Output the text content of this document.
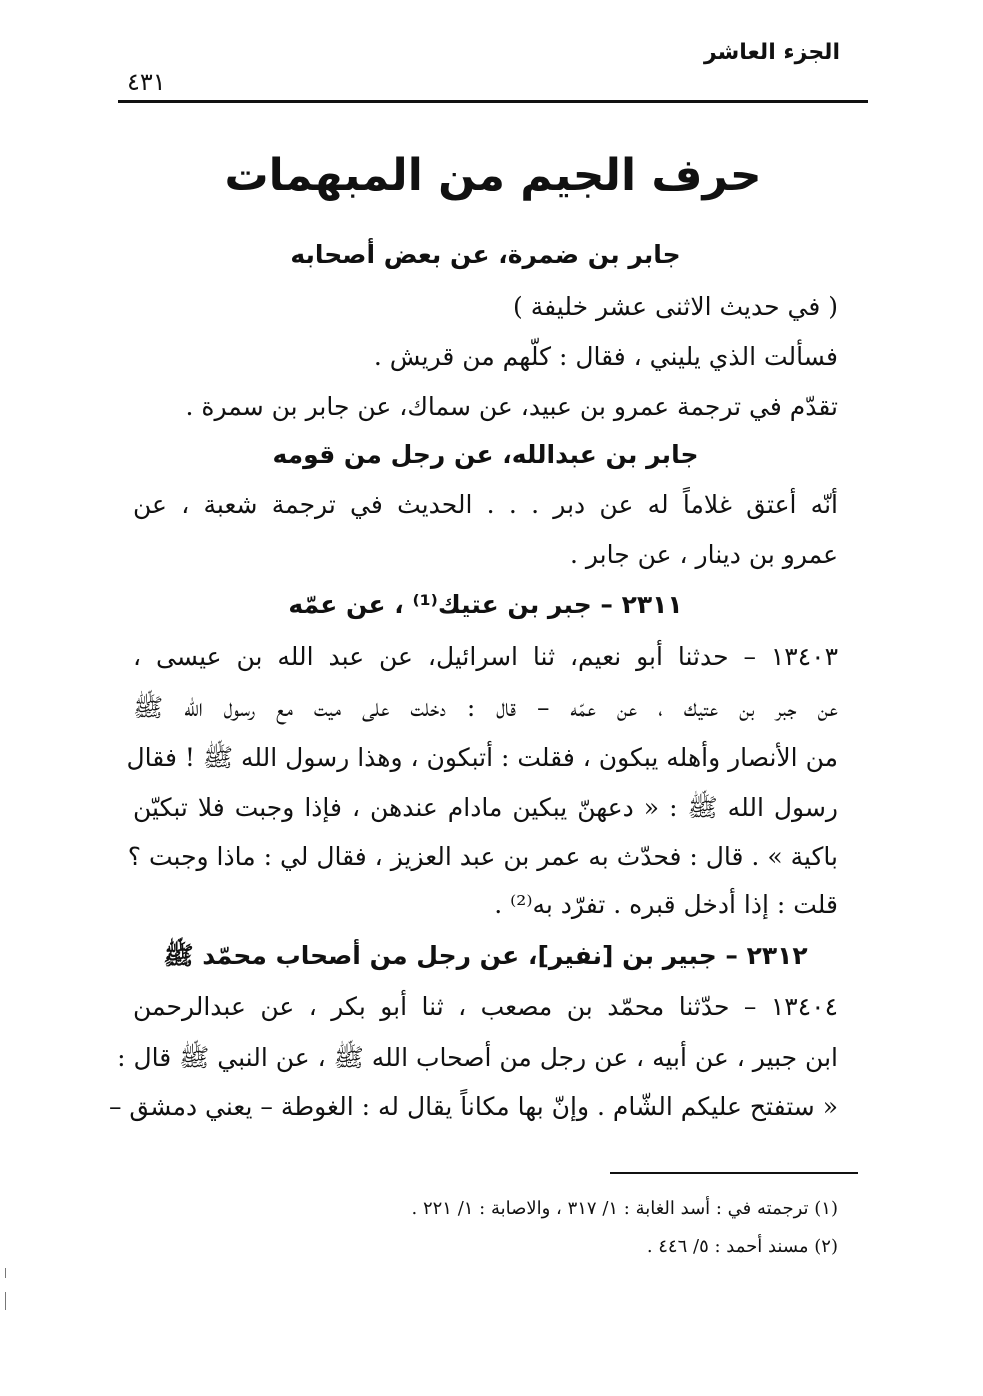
الجزء العاشر
٤٣١
حرف الجيم من المبهمات
جابر بن ضمرة، عن بعض أصحابه
( في حديث الاثنى عشر خليفة )
فسألت الذي يليني ، فقال : كلّهم من قريش .
تقدّم في ترجمة عمرو بن عبيد، عن سماك، عن جابر بن سمرة .
جابر بن عبدالله، عن رجل من قومه
أنّه أعتق غلاماً له عن دبر . . . الحديث في ترجمة شعبة ، عن
عمرو بن دينار ، عن جابر .
٢٣١١ – جبر بن عتيك⁽¹⁾ ، عن عمّه
١٣٤٠٣ – حدثنا أبو نعيم، ثنا اسرائيل، عن عبد الله بن عيسى ،
عن جبر بن عتيك ، عن عمّه – قال : دخلت على ميت مع رسول الله ﷺ
من الأنصار وأهله يبكون ، فقلت : أتبكون ، وهذا رسول الله ﷺ ! فقال
رسول الله ﷺ : « دعهنّ يبكين مادام عندهن ، فإذا وجبت فلا تبكيّن
باكية » . قال : فحدّث به عمر بن عبد العزيز ، فقال لي : ماذا وجبت ؟
قلت : إذا أدخل قبره . تفرّد به⁽²⁾ .
٢٣١٢ – جبير بن [نفير]، عن رجل من أصحاب محمّد ﷺ
١٣٤٠٤ – حدّثنا محمّد بن مصعب ، ثنا أبو بكر ، عن عبدالرحمن
ابن جبير ، عن أبيه ، عن رجل من أصحاب الله ﷺ ، عن النبي ﷺ قال :
« ستفتح عليكم الشّام . وإنّ بها مكاناً يقال له : الغوطة – يعني دمشق –
(١) ترجمته في : أسد الغابة : ١/ ٣١٧ ، والاصابة : ١/ ٢٢١ .
(٢) مسند أحمد : ٥/ ٤٤٦ .
